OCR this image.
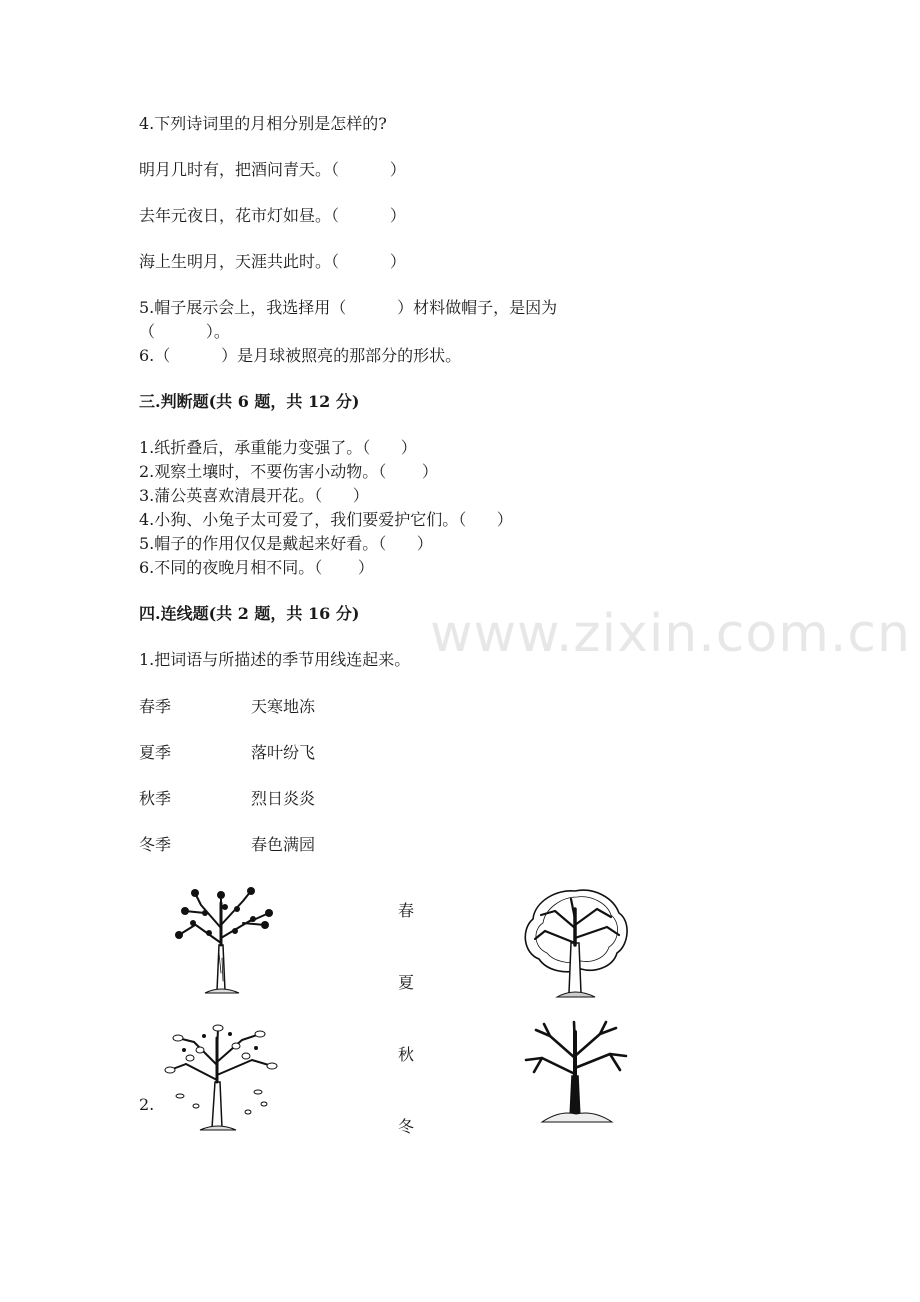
4.下列诗词里的月相分别是怎样的?
明月几时有，把酒问青天。（          ）
去年元夜日，花市灯如昼。（          ）
海上生明月，天涯共此时。（          ）
5.帽子展示会上，我选择用（          ）材料做帽子，是因为
（          ）。
6.（          ）是月球被照亮的那部分的形状。
三.判断题(共 6 题，共 12 分)
1.纸折叠后，承重能力变强了。（      ）
2.观察土壤时，不要伤害小动物。（       ）
3.蒲公英喜欢清晨开花。（      ）
4.小狗、小兔子太可爱了，我们要爱护它们。（      ）
5.帽子的作用仅仅是戴起来好看。（      ）
6.不同的夜晚月相不同。（       ）
四.连线题(共 2 题，共 16 分) www.zixin.com.cn
1.把词语与所描述的季节用线连起来。
春季	天寒地冻
夏季	落叶纷飞
秋季	烈日炎炎
冬季	春色满园
春
夏
秋
冬
2.
